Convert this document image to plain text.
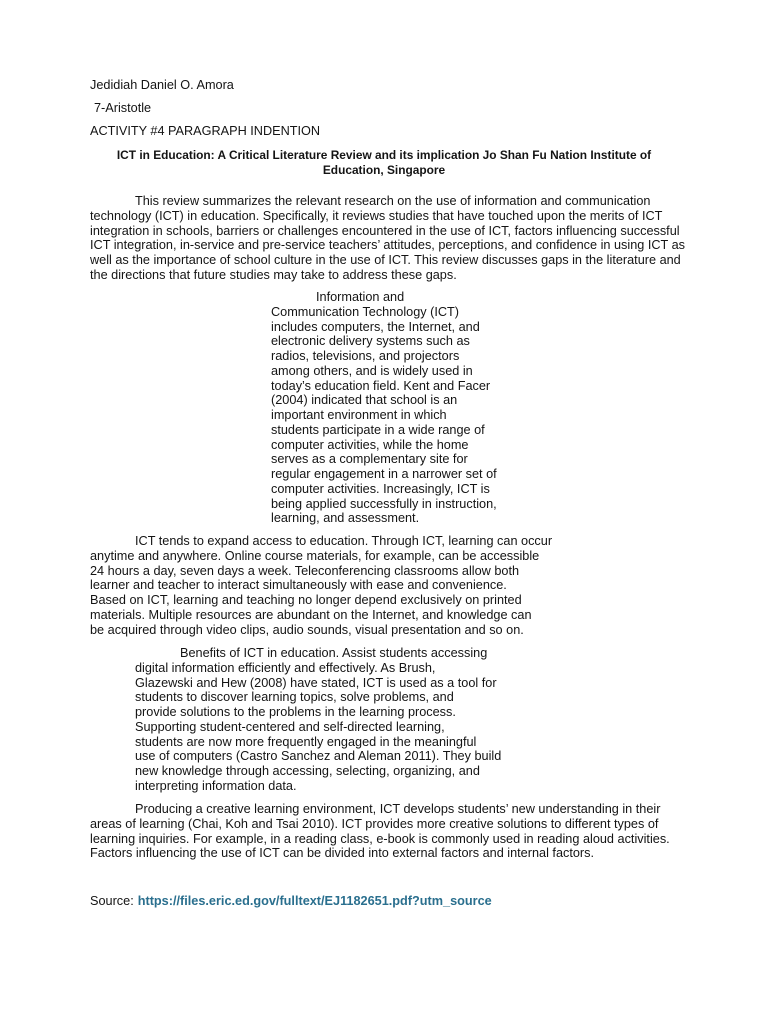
Jedidiah Daniel O. Amora
7-Aristotle
ACTIVITY #4 PARAGRAPH INDENTION
ICT in Education: A Critical Literature Review and its implication Jo Shan Fu Nation Institute of
Education, Singapore
This review summarizes the relevant research on the use of information and communication
technology (ICT) in education. Specifically, it reviews studies that have touched upon the merits of ICT
integration in schools, barriers or challenges encountered in the use of ICT, factors influencing successful
ICT integration, in-service and pre-service teachers’ attitudes, perceptions, and confidence in using ICT as
well as the importance of school culture in the use of ICT. This review discusses gaps in the literature and
the directions that future studies may take to address these gaps.
Information and
Communication Technology (ICT)
includes computers, the Internet, and
electronic delivery systems such as
radios, televisions, and projectors
among others, and is widely used in
today’s education field. Kent and Facer
(2004) indicated that school is an
important environment in which
students participate in a wide range of
computer activities, while the home
serves as a complementary site for
regular engagement in a narrower set of
computer activities. Increasingly, ICT is
being applied successfully in instruction,
learning, and assessment.
ICT tends to expand access to education. Through ICT, learning can occur
anytime and anywhere. Online course materials, for example, can be accessible
24 hours a day, seven days a week. Teleconferencing classrooms allow both
learner and teacher to interact simultaneously with ease and convenience.
Based on ICT, learning and teaching no longer depend exclusively on printed
materials. Multiple resources are abundant on the Internet, and knowledge can
be acquired through video clips, audio sounds, visual presentation and so on.
Benefits of ICT in education. Assist students accessing
digital information efficiently and effectively. As Brush,
Glazewski and Hew (2008) have stated, ICT is used as a tool for
students to discover learning topics, solve problems, and
provide solutions to the problems in the learning process.
Supporting student-centered and self-directed learning,
students are now more frequently engaged in the meaningful
use of computers (Castro Sanchez and Aleman 2011). They build
new knowledge through accessing, selecting, organizing, and
interpreting information data.
Producing a creative learning environment, ICT develops students’ new understanding in their
areas of learning (Chai, Koh and Tsai 2010). ICT provides more creative solutions to different types of
learning inquiries. For example, in a reading class, e-book is commonly used in reading aloud activities.
Factors influencing the use of ICT can be divided into external factors and internal factors.
Source: https://files.eric.ed.gov/fulltext/EJ1182651.pdf?utm_source
